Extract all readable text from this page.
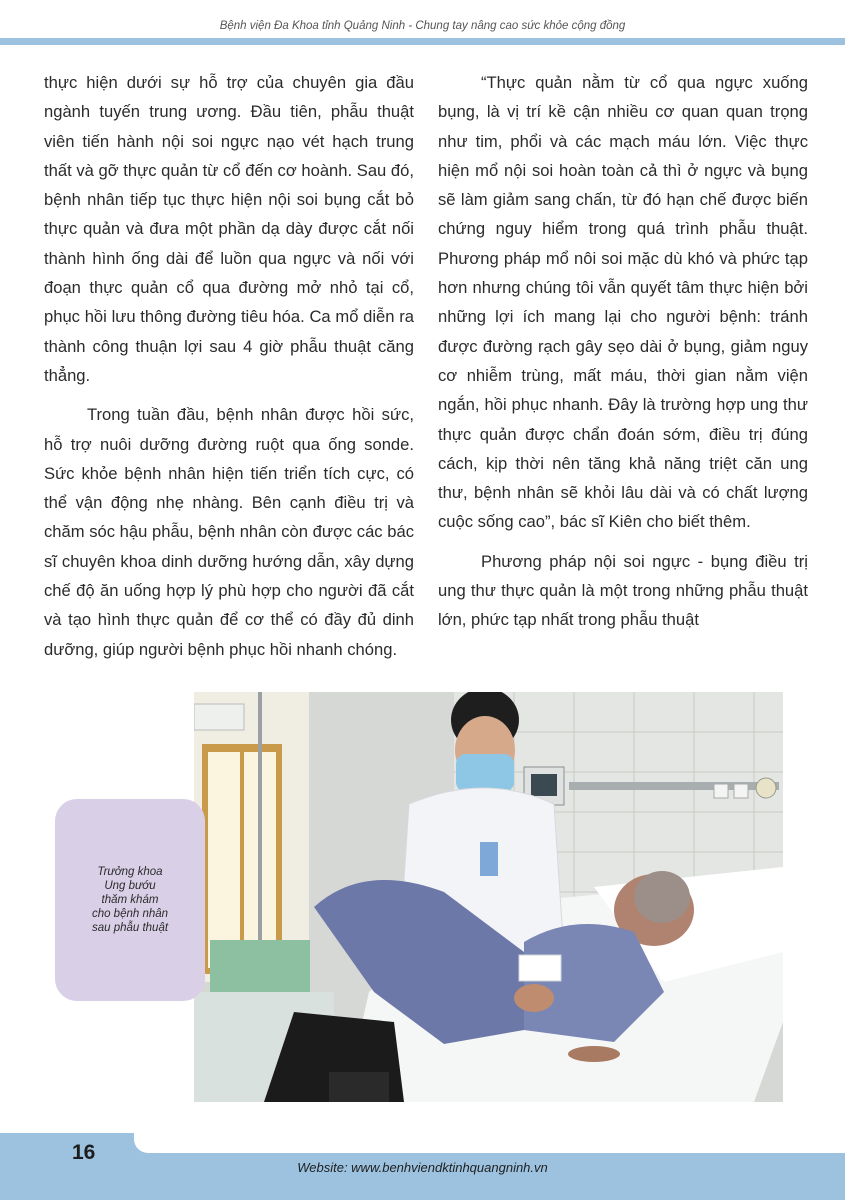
Bệnh viện Đa Khoa tỉnh Quảng Ninh - Chung tay nâng cao sức khỏe cộng đồng

thực hiện dưới sự hỗ trợ của chuyên gia đầu ngành tuyến trung ương. Đầu tiên, phẫu thuật viên tiến hành nội soi ngực nạo vét hạch trung thất và gỡ thực quản từ cổ đến cơ hoành. Sau đó, bệnh nhân tiếp tục thực hiện nội soi bụng cắt bỏ thực quản và đưa một phần dạ dày được cắt nối thành hình ống dài để luồn qua ngực và nối với đoạn thực quản cổ qua đường mở nhỏ tại cổ, phục hồi lưu thông đường tiêu hóa. Ca mổ diễn ra thành công thuận lợi sau 4 giờ phẫu thuật căng thẳng.

Trong tuần đầu, bệnh nhân được hồi sức, hỗ trợ nuôi dưỡng đường ruột qua ống sonde. Sức khỏe bệnh nhân hiện tiến triển tích cực, có thể vận động nhẹ nhàng. Bên cạnh điều trị và chăm sóc hậu phẫu, bệnh nhân còn được các bác sĩ chuyên khoa dinh dưỡng hướng dẫn, xây dựng chế độ ăn uống hợp lý phù hợp cho người đã cắt và tạo hình thực quản để cơ thể có đầy đủ dinh dưỡng, giúp người bệnh phục hồi nhanh chóng.

“Thực quản nằm từ cổ qua ngực xuống bụng, là vị trí kề cận nhiều cơ quan quan trọng như tim, phổi và các mạch máu lớn. Việc thực hiện mổ nội soi hoàn toàn cả thì ở ngực và bụng sẽ làm giảm sang chấn, từ đó hạn chế được biến chứng nguy hiểm trong quá trình phẫu thuật. Phương pháp mổ nôi soi mặc dù khó và phức tạp hơn nhưng chúng tôi vẫn quyết tâm thực hiện bởi những lợi ích mang lại cho người bệnh: tránh được đường rạch gây sẹo dài ở bụng, giảm nguy cơ nhiễm trùng, mất máu, thời gian nằm viện ngắn, hồi phục nhanh. Đây là trường hợp ung thư thực quản được chẩn đoán sớm, điều trị đúng cách, kịp thời nên tăng khả năng triệt căn ung thư, bệnh nhân sẽ khỏi lâu dài và có chất lượng cuộc sống cao”, bác sĩ Kiên cho biết thêm.

Phương pháp nội soi ngực - bụng điều trị ung thư thực quản là một trong những phẫu thuật lớn, phức tạp nhất trong phẫu thuật

Trưởng khoa
Ung bướu
thăm khám
cho bệnh nhân
sau phẫu thuật
16
Website: www.benhviendktinhquangninh.vn
